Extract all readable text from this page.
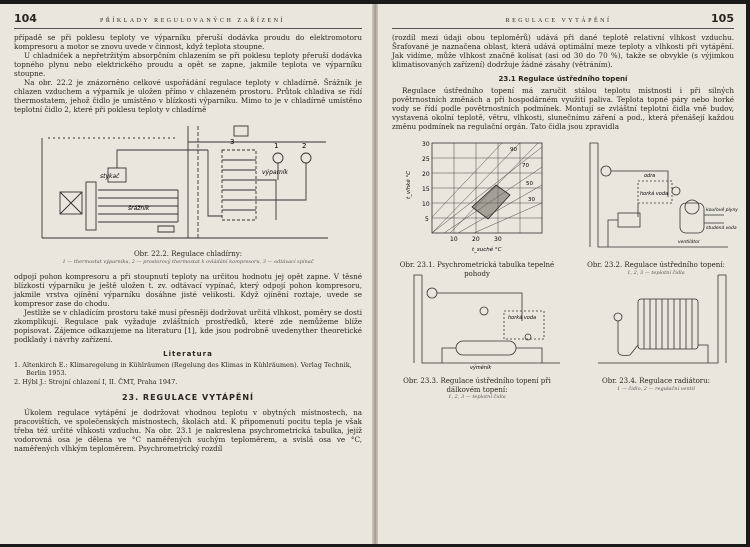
104	PŘÍKLADY REGULOVANÝCH ZAŘÍZENÍ

případě se při poklesu teploty ve výparníku přeruší dodávka proudu do elektromotoru kompresoru a motor se znovu uvede v činnost, když teplota stoupne.

U chladniček a nepřetržitým absorpčním chlazením se při poklesu teploty přeruší dodávka topného plynu nebo elektrického proudu a opět se zapne, jakmile teplota ve výparníku stoupne.

Na obr. 22.2 je znázorněno celkové uspořádání regulace teploty v chladírně. Šrážník je chlazen vzduchem a výparník je uložen přímo v chlazeném prostoru. Průtok chladiva se řídí thermostatem, jehož čidlo je umístěno v blízkosti výparníku. Mimo to je v chladírně umístěno teplotní čidlo 2, které při poklesu teploty v chladírně

stykač
výparník
šrážník
1	2
3
Obr. 22.2. Regulace chladírny:
1 — thermostat výparníku, 2 — prostorový thermostat k ovládání kompresoru, 3 — odtávací spínač

odpojí pohon kompresoru a při stoupnutí teploty na určitou hodnotu jej opět zapne. V těsné blízkosti výparníku je ještě uložen t. zv. odtávací vypínač, který odpojí pohon kompresoru, jakmile vrstva ojínění výparníku dosáhne jisté velikosti. Když ojínění roztaje, uvede se kompresor zase do chodu.

Jestliže se v chladícím prostoru také musí přesněji dodržovat určitá vlhkost, poměry se dosti zkomplikují. Regulace pak vyžaduje zvláštních prostředků, které zde nemůžeme blíže popisovat. Zájemce odkazujeme na literaturu [1], kde jsou podrobně uvedenyther theoretické podklady i návrhy zařízení.

Literatura
1. Altenkirch E.: Klimaregelung in Kühlräumen (Regelung des Klimas in Kühlräumen). Verlag Technik, Berlin 1953.
2. Hýbl J.: Strojní chlazení I, II. ČMT, Praha 1947.
23. REGULACE VYTÁPĚNÍ

Úkolem regulace vytápění je dodržovat vhodnou teplotu v obytných místnostech, na pracovištích, ve společenských místnostech, školách atd. K připomenutí pocitu tepla je však třeba též určité vlhkosti vzduchu. Na obr. 23.1 je nakreslena psychrometrická tabulka, jejíž vodorovná osa je dělena ve °C naměřených suchým teploměrem, a svislá osa ve °C, naměřených vlhkým teploměrem. Psychrometrický rozdíl

REGULACE VYTÁPĚNÍ	105

(rozdíl mezi údaji obou teploměrů) udává při dané teplotě relativní vlhkost vzduchu. Šrafované je naznačena oblast, která udává optimální meze teploty a vlhkosti při vytápění. Jak vidíme, může vlhkost značně kolísat (asi od 30 do 70 %), takže se obvykle (s výjimkou klimatisovaných zařízení) dodržuje žádné zásahy (větráním).

23.1 Regulace ústředního topení

Regulace ústředního topení má zaručit stálou teplotu místnosti i při silných povětrnostních změnách a při hospodárném využití paliva. Teplota topné páry nebo horké vody se řídí podle povětrnostních podmínek. Montují se zvláštní teplotní čidla vně budov, vystavená okolní teplotě, větru, vlhkosti, slunečnímu záření a pod., která přenášejí každou změnu podmínek na regulační orgán. Tato čidla jsou zpravidla

30
25
20
15
10
5
10 20 30
t_suché °C
t_vlhké °C
90
70
50
30
Obr. 23.1. Psychrometrická tabulka tepelné pohody
odra
horká voda
kouřové plyny
studená voda
ventilátor
Obr. 23.2. Regulace ústředního topení:
1, 2, 3 — teplotní čidla
horká voda
výměník
Obr. 23.3. Regulace ústředního topení při dálkovém topení:
1, 2, 3 — teplotní čidla
Obr. 23.4. Regulace radiátoru:
1 — čidlo, 2 — regulační ventil
